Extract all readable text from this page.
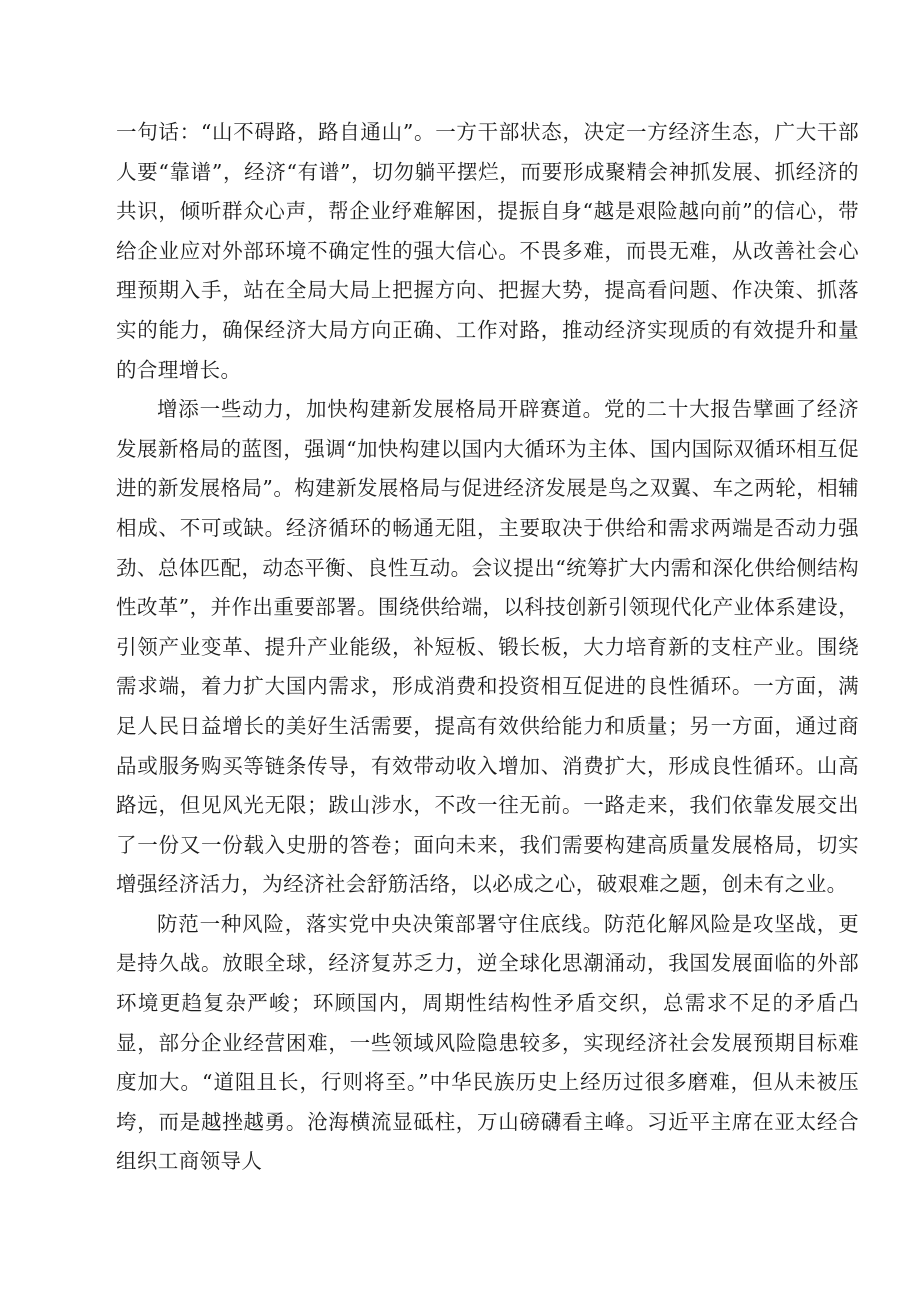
一句话：“山不碍路，路自通山”。一方干部状态，决定一方经济生态，广大干部人要“靠谱”，经济“有谱”，切勿躺平摆烂，而要形成聚精会神抓发展、抓经济的共识，倾听群众心声，帮企业纾难解困，提振自身“越是艰险越向前”的信心，带给企业应对外部环境不确定性的强大信心。不畏多难，而畏无难，从改善社会心理预期入手，站在全局大局上把握方向、把握大势，提高看问题、作决策、抓落实的能力，确保经济大局方向正确、工作对路，推动经济实现质的有效提升和量的合理增长。

增添一些动力，加快构建新发展格局开辟赛道。党的二十大报告擘画了经济发展新格局的蓝图，强调“加快构建以国内大循环为主体、国内国际双循环相互促进的新发展格局”。构建新发展格局与促进经济发展是鸟之双翼、车之两轮，相辅相成、不可或缺。经济循环的畅通无阻，主要取决于供给和需求两端是否动力强劲、总体匹配，动态平衡、良性互动。会议提出“统筹扩大内需和深化供给侧结构性改革”，并作出重要部署。围绕供给端，以科技创新引领现代化产业体系建设，引领产业变革、提升产业能级，补短板、锻长板，大力培育新的支柱产业。围绕需求端，着力扩大国内需求，形成消费和投资相互促进的良性循环。一方面，满足人民日益增长的美好生活需要，提高有效供给能力和质量；另一方面，通过商品或服务购买等链条传导，有效带动收入增加、消费扩大，形成良性循环。山高路远，但见风光无限；跋山涉水，不改一往无前。一路走来，我们依靠发展交出了一份又一份载入史册的答卷；面向未来，我们需要构建高质量发展格局，切实增强经济活力，为经济社会舒筋活络，以必成之心，破艰难之题，创未有之业。

防范一种风险，落实党中央决策部署守住底线。防范化解风险是攻坚战，更是持久战。放眼全球，经济复苏乏力，逆全球化思潮涌动，我国发展面临的外部环境更趋复杂严峻；环顾国内，周期性结构性矛盾交织，总需求不足的矛盾凸显，部分企业经营困难，一些领域风险隐患较多，实现经济社会发展预期目标难度加大。“道阻且长，行则将至。”中华民族历史上经历过很多磨难，但从未被压垮，而是越挫越勇。沧海横流显砥柱，万山磅礴看主峰。习近平主席在亚太经合组织工商领导人
